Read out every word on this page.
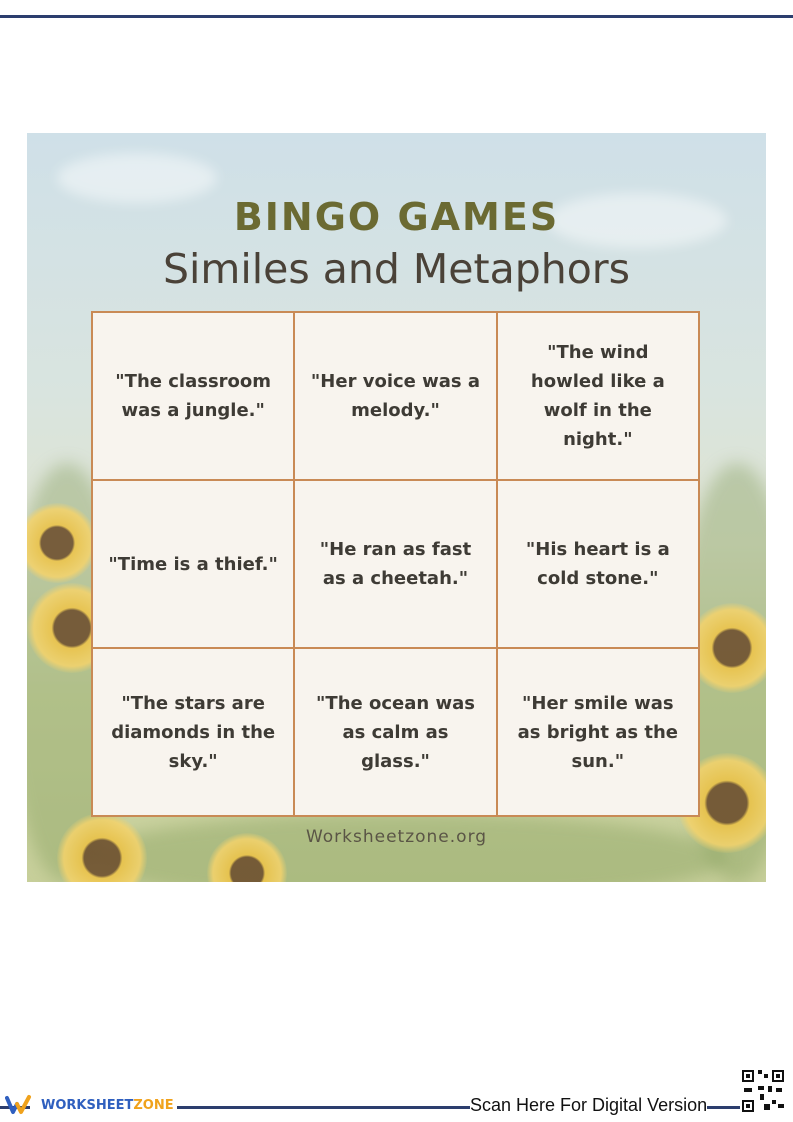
BINGO GAMES
Similes and Metaphors
"The classroom was a jungle."
"Her voice was a melody."
"The wind howled like a wolf in the night."
"Time is a thief."
"He ran as fast as a cheetah."
"His heart is a cold stone."
"The stars are diamonds in the sky."
"The ocean was as calm as glass."
"Her smile was as bright as the sun."
Worksheetzone.org
WORKSHEETZONE	Scan Here For Digital Version
